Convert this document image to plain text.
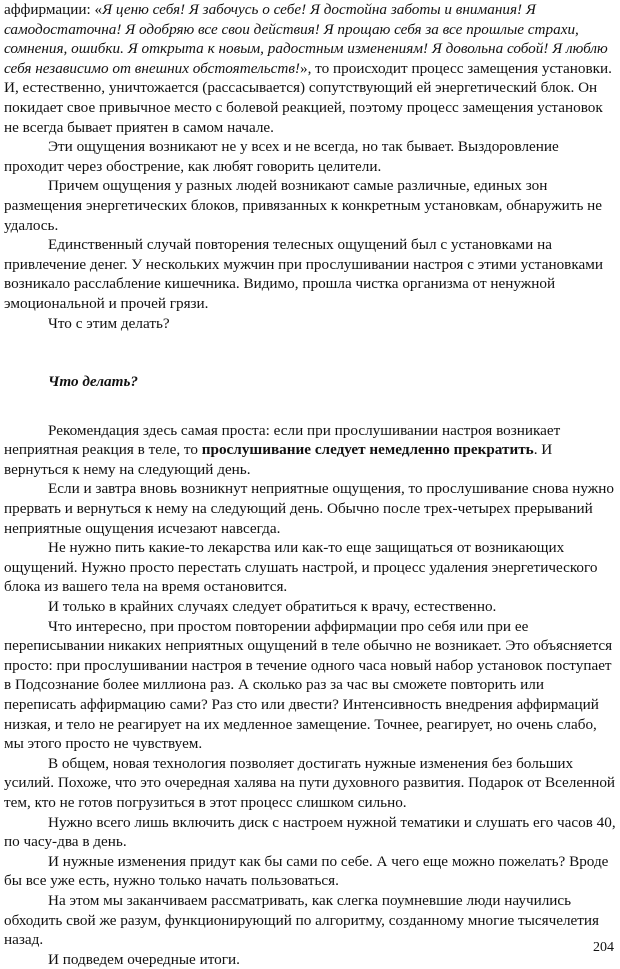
аффирмации: «Я ценю себя! Я забочусь о себе! Я достойна заботы и внимания! Я самодостаточна! Я одобряю все свои действия! Я прощаю себя за все прошлые страхи, сомнения, ошибки. Я открыта к новым, радостным изменениям! Я довольна собой! Я люблю себя независимо от внешних обстоятельств!», то происходит процесс замещения установки. И, естественно, уничтожается (рассасывается) сопутствующий ей энергетический блок. Он покидает свое привычное место с болевой реакцией, поэтому процесс замещения установок не всегда бывает приятен в самом начале.

Эти ощущения возникают не у всех и не всегда, но так бывает. Выздоровление проходит через обострение, как любят говорить целители.

Причем ощущения у разных людей возникают самые различные, единых зон размещения энергетических блоков, привязанных к конкретным установкам, обнаружить не удалось.

Единственный случай повторения телесных ощущений был с установками на привлечение денег. У нескольких мужчин при прослушивании настроя с этими установками возникало расслабление кишечника. Видимо, прошла чистка организма от ненужной эмоциональной и прочей грязи.

Что с этим делать?

Что делать?

Рекомендация здесь самая проста: если при прослушивании настроя возникает неприятная реакция в теле, то прослушивание следует немедленно прекратить. И вернуться к нему на следующий день.

Если и завтра вновь возникнут неприятные ощущения, то прослушивание снова нужно прервать и вернуться к нему на следующий день. Обычно после трех-четырех прерываний неприятные ощущения исчезают навсегда.

Не нужно пить какие-то лекарства или как-то еще защищаться от возникающих ощущений. Нужно просто перестать слушать настрой, и процесс удаления энергетического блока из вашего тела на время остановится.

И только в крайних случаях следует обратиться к врачу, естественно.

Что интересно, при простом повторении аффирмации про себя или при ее переписывании никаких неприятных ощущений в теле обычно не возникает. Это объясняется просто: при прослушивании настроя в течение одного часа новый набор установок поступает в Подсознание более миллиона раз. А сколько раз за час вы сможете повторить или переписать аффирмацию сами? Раз сто или двести? Интенсивность внедрения аффирмаций низкая, и тело не реагирует на их медленное замещение. Точнее, реагирует, но очень слабо, мы этого просто не чувствуем.

В общем, новая технология позволяет достигать нужные изменения без больших усилий. Похоже, что это очередная халява на пути духовного развития. Подарок от Вселенной тем, кто не готов погрузиться в этот процесс слишком сильно.

Нужно всего лишь включить диск с настроем нужной тематики и слушать его часов 40, по часу-два в день.

И нужные изменения придут как бы сами по себе. А чего еще можно пожелать? Вроде бы все уже есть, нужно только начать пользоваться.

На этом мы заканчиваем рассматривать, как слегка поумневшие люди научились обходить свой же разум, функционирующий по алгоритму, созданному многие тысячелетия назад.

И подведем очередные итоги.

204
